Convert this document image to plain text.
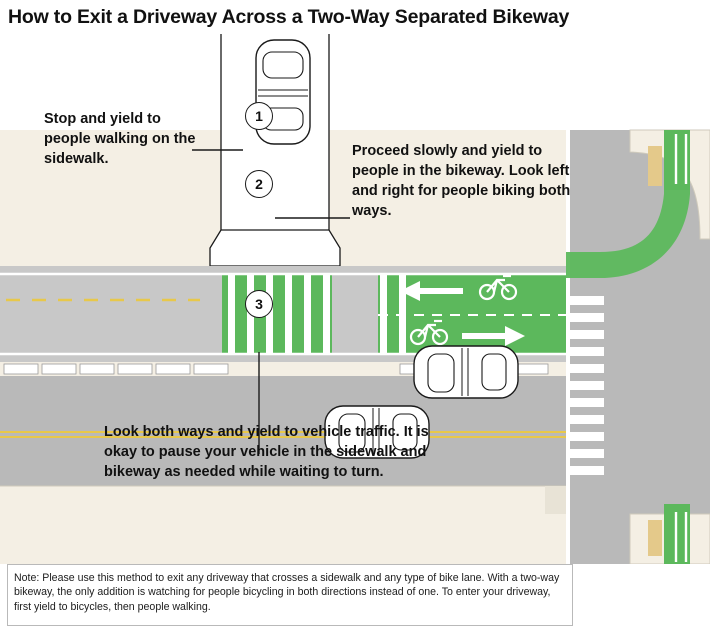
How to Exit a Driveway Across a Two-Way Separated Bikeway
1
2
3
Stop and yield to people walking on the sidewalk.	Proceed slowly and yield to people in the bikeway. Look left and right for people biking both ways.
Look both ways and yield to vehicle traffic. It is okay to pause your vehicle in the sidewalk and bikeway as needed while waiting to turn.
Note: Please use this method to exit any driveway that crosses a sidewalk and any type of bike lane. With a two-way bikeway, the only addition is watching for people bicycling in both directions instead of one. To enter your driveway, first yield to bicycles, then people walking.
